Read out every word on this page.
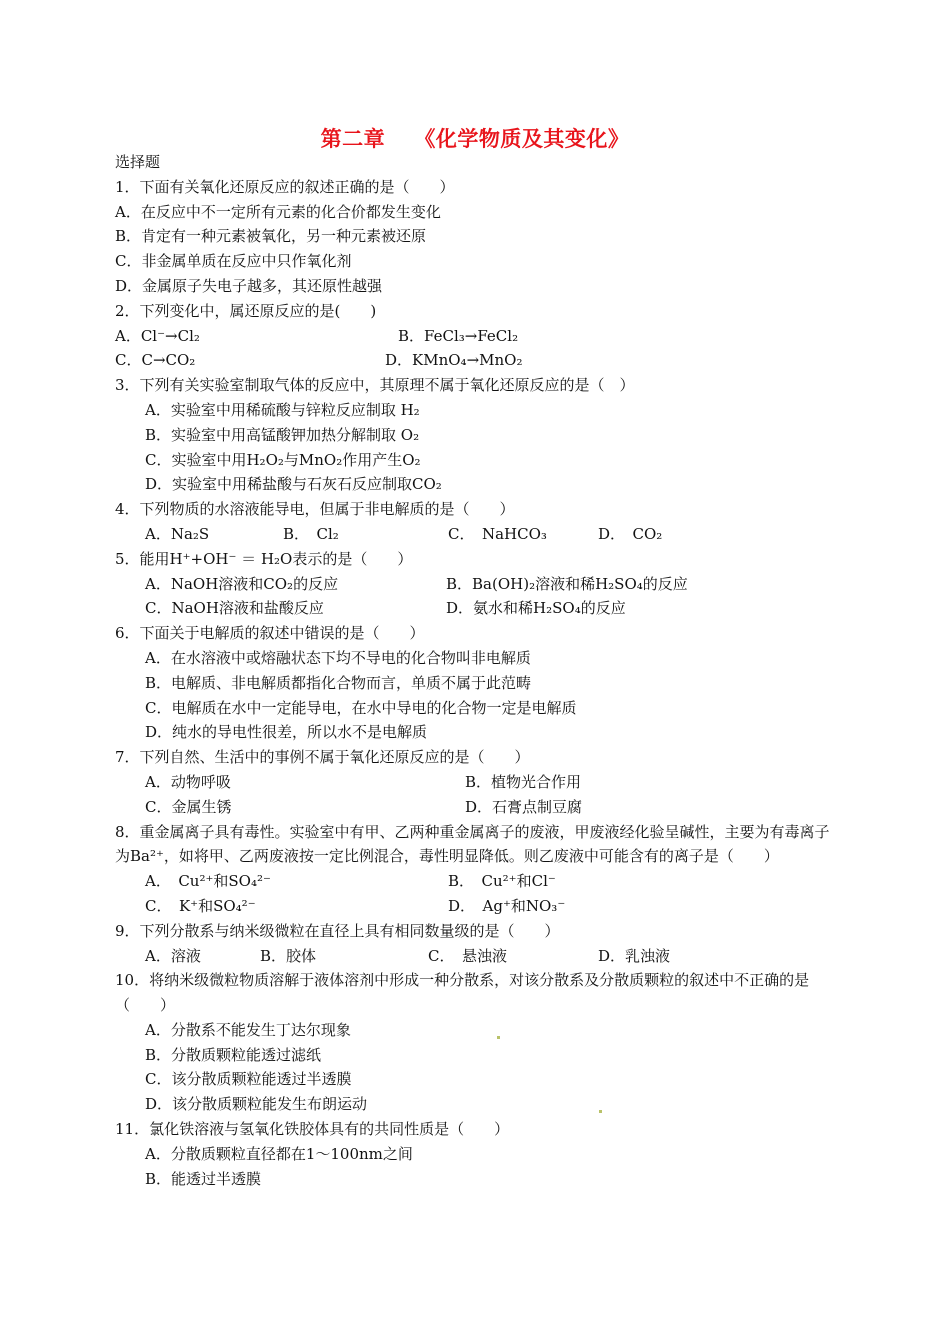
第二章　 《化学物质及其变化》
选择题
1．下面有关氧化还原反应的叙述正确的是（　　）
A．在反应中不一定所有元素的化合价都发生变化
B．肯定有一种元素被氧化，另一种元素被还原
C．非金属单质在反应中只作氧化剂
D．金属原子失电子越多，其还原性越强
2．下列变化中，属还原反应的是(　　)
A．Cl⁻→Cl₂	B．FeCl₃→FeCl₂
C．C→CO₂	D．KMnO₄→MnO₂
3．下列有关实验室制取气体的反应中，其原理不属于氧化还原反应的是（　）
A．实验室中用稀硫酸与锌粒反应制取 H₂
B．实验室中用高锰酸钾加热分解制取 O₂
C．实验室中用H₂O₂与MnO₂作用产生O₂
D．实验室中用稀盐酸与石灰石反应制取CO₂
4．下列物质的水溶液能导电，但属于非电解质的是（　　）
A．Na₂S	B．　Cl₂	C．　NaHCO₃	D．　CO₂
5．能用H⁺+OH⁻ ＝ H₂O表示的是（　　）
A．NaOH溶液和CO₂的反应	B．Ba(OH)₂溶液和稀H₂SO₄的反应
C．NaOH溶液和盐酸反应	D．氨水和稀H₂SO₄的反应
6．下面关于电解质的叙述中错误的是（　　）
A．在水溶液中或熔融状态下均不导电的化合物叫非电解质
B．电解质、非电解质都指化合物而言，单质不属于此范畴
C．电解质在水中一定能导电，在水中导电的化合物一定是电解质
D．纯水的导电性很差，所以水不是电解质
7．下列自然、生活中的事例不属于氧化还原反应的是（　　）
A．动物呼吸	B．植物光合作用
C．金属生锈	D．石膏点制豆腐
8．重金属离子具有毒性。实验室中有甲、乙两种重金属离子的废液，甲废液经化验呈碱性，主要为有毒离子为Ba²⁺，如将甲、乙两废液按一定比例混合，毒性明显降低。则乙废液中可能含有的离子是（　　）
A．　Cu²⁺和SO₄²⁻	B．　Cu²⁺和Cl⁻
C．　K⁺和SO₄²⁻	D．　Ag⁺和NO₃⁻
9．下列分散系与纳米级微粒在直径上具有相同数量级的是（　　）
A．溶液	B．胶体	C．　悬浊液	D．乳浊液
10．将纳米级微粒物质溶解于液体溶剂中形成一种分散系，对该分散系及分散质颗粒的叙述中不正确的是（　　）
A．分散系不能发生丁达尔现象
B．分散质颗粒能透过滤纸
C．该分散质颗粒能透过半透膜
D．该分散质颗粒能发生布朗运动
11．氯化铁溶液与氢氧化铁胶体具有的共同性质是（　　）
A．分散质颗粒直径都在1～100nm之间
B．能透过半透膜
